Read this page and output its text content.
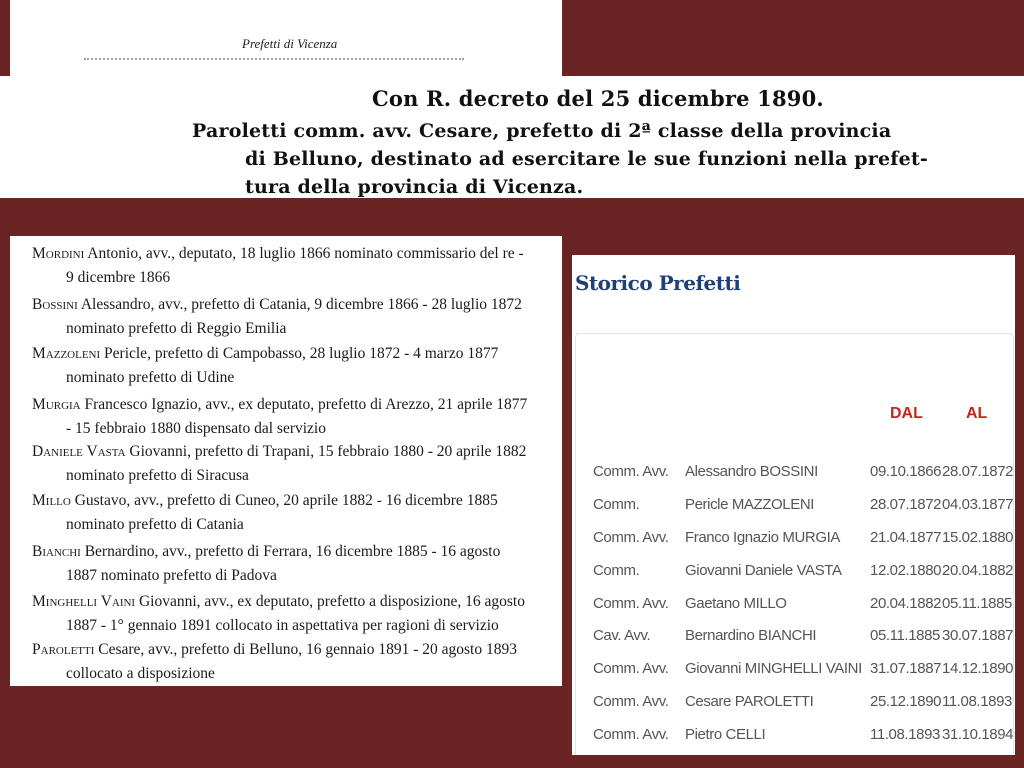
Prefetti di Vicenza
Con R. decreto del 25 dicembre 1890.
Paroletti comm. avv. Cesare, prefetto di 2ª classe della provincia
di Belluno, destinato ad esercitare le sue funzioni nella prefet-
tura della provincia di Vicenza.
Mordini Antonio, avv., deputato, 18 luglio 1866 nominato commissario del re -
9 dicembre 1866
Bossini Alessandro, avv., prefetto di Catania, 9 dicembre 1866 - 28 luglio 1872
nominato prefetto di Reggio Emilia
Mazzoleni Pericle, prefetto di Campobasso, 28 luglio 1872 - 4 marzo 1877
nominato prefetto di Udine
Murgia Francesco Ignazio, avv., ex deputato, prefetto di Arezzo, 21 aprile 1877
- 15 febbraio 1880 dispensato dal servizio
Daniele Vasta Giovanni, prefetto di Trapani, 15 febbraio 1880 - 20 aprile 1882
nominato prefetto di Siracusa
Millo Gustavo, avv., prefetto di Cuneo, 20 aprile 1882 - 16 dicembre 1885
nominato prefetto di Catania
Bianchi Bernardino, avv., prefetto di Ferrara, 16 dicembre 1885 - 16 agosto
1887 nominato prefetto di Padova
Minghelli Vaini Giovanni, avv., ex deputato, prefetto a disposizione, 16 agosto
1887 - 1° gennaio 1891 collocato in aspettativa per ragioni di servizio
Paroletti Cesare, avv., prefetto di Belluno, 16 gennaio 1891 - 20 agosto 1893
collocato a disposizione
Storico Prefetti
DAL	AL
Comm. Avv. Alessandro BOSSINI	09.10.1866 28.07.1872
Comm.	Pericle MAZZOLENI	28.07.1872 04.03.1877
Comm. Avv. Franco Ignazio MURGIA 21.04.1877 15.02.1880
Comm.	Giovanni Daniele VASTA 12.02.1880 20.04.1882
Comm. Avv. Gaetano MILLO	20.04.1882 05.11.1885
Cav. Avv. Bernardino BIANCHI	05.11.1885 30.07.1887
Comm. Avv. Giovanni MINGHELLI VAINI 31.07.1887 14.12.1890
Comm. Avv. Cesare PAROLETTI	25.12.1890 11.08.1893
Comm. Avv. Pietro CELLI	11.08.1893 31.10.1894
